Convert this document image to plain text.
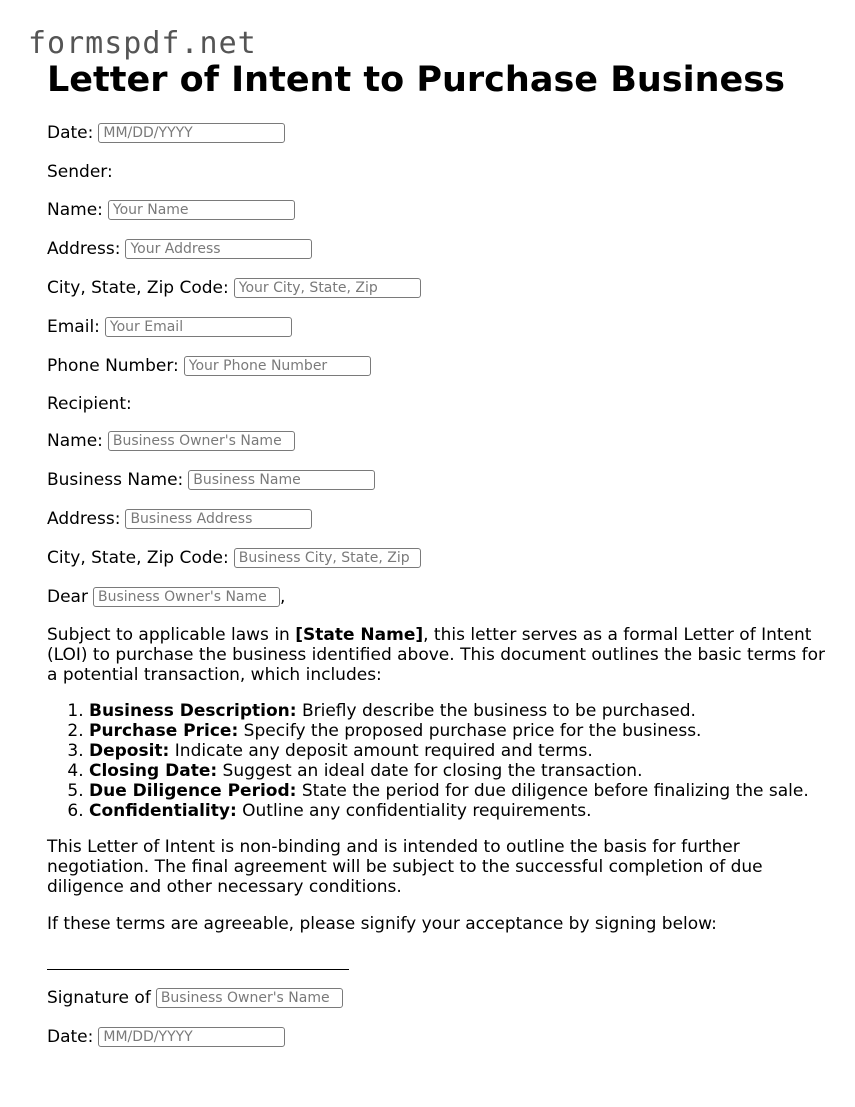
formspdf.net
Letter of Intent to Purchase Business
Date:
MM/DD/YYYY
Sender:
Name:
Your Name
Address:
Your Address
City, State, Zip Code:
Your City, State, Zip
Email:
Your Email
Phone Number:
Your Phone Number
Recipient:
Name:
Business Owner's Name
Business Name:
Business Name
Address:
Business Address
City, State, Zip Code:
Business City, State, Zip
Dear
Business Owner's Name	,

Subject to applicable laws in [State Name], this letter serves as a formal Letter of Intent (LOI) to purchase the business identified above. This document outlines the basic terms for a potential transaction, which includes:

1. Business Description: Briefly describe the business to be purchased.
2. Purchase Price: Specify the proposed purchase price for the business.
3. Deposit: Indicate any deposit amount required and terms.
4. Closing Date: Suggest an ideal date for closing the transaction.
5. Due Diligence Period: State the period for due diligence before finalizing the sale.
6. Confidentiality: Outline any confidentiality requirements.

This Letter of Intent is non-binding and is intended to outline the basis for further negotiation. The final agreement will be subject to the successful completion of due diligence and other necessary conditions.

If these terms are agreeable, please signify your acceptance by signing below:

Signature of
Business Owner's Name
Date:
MM/DD/YYYY
